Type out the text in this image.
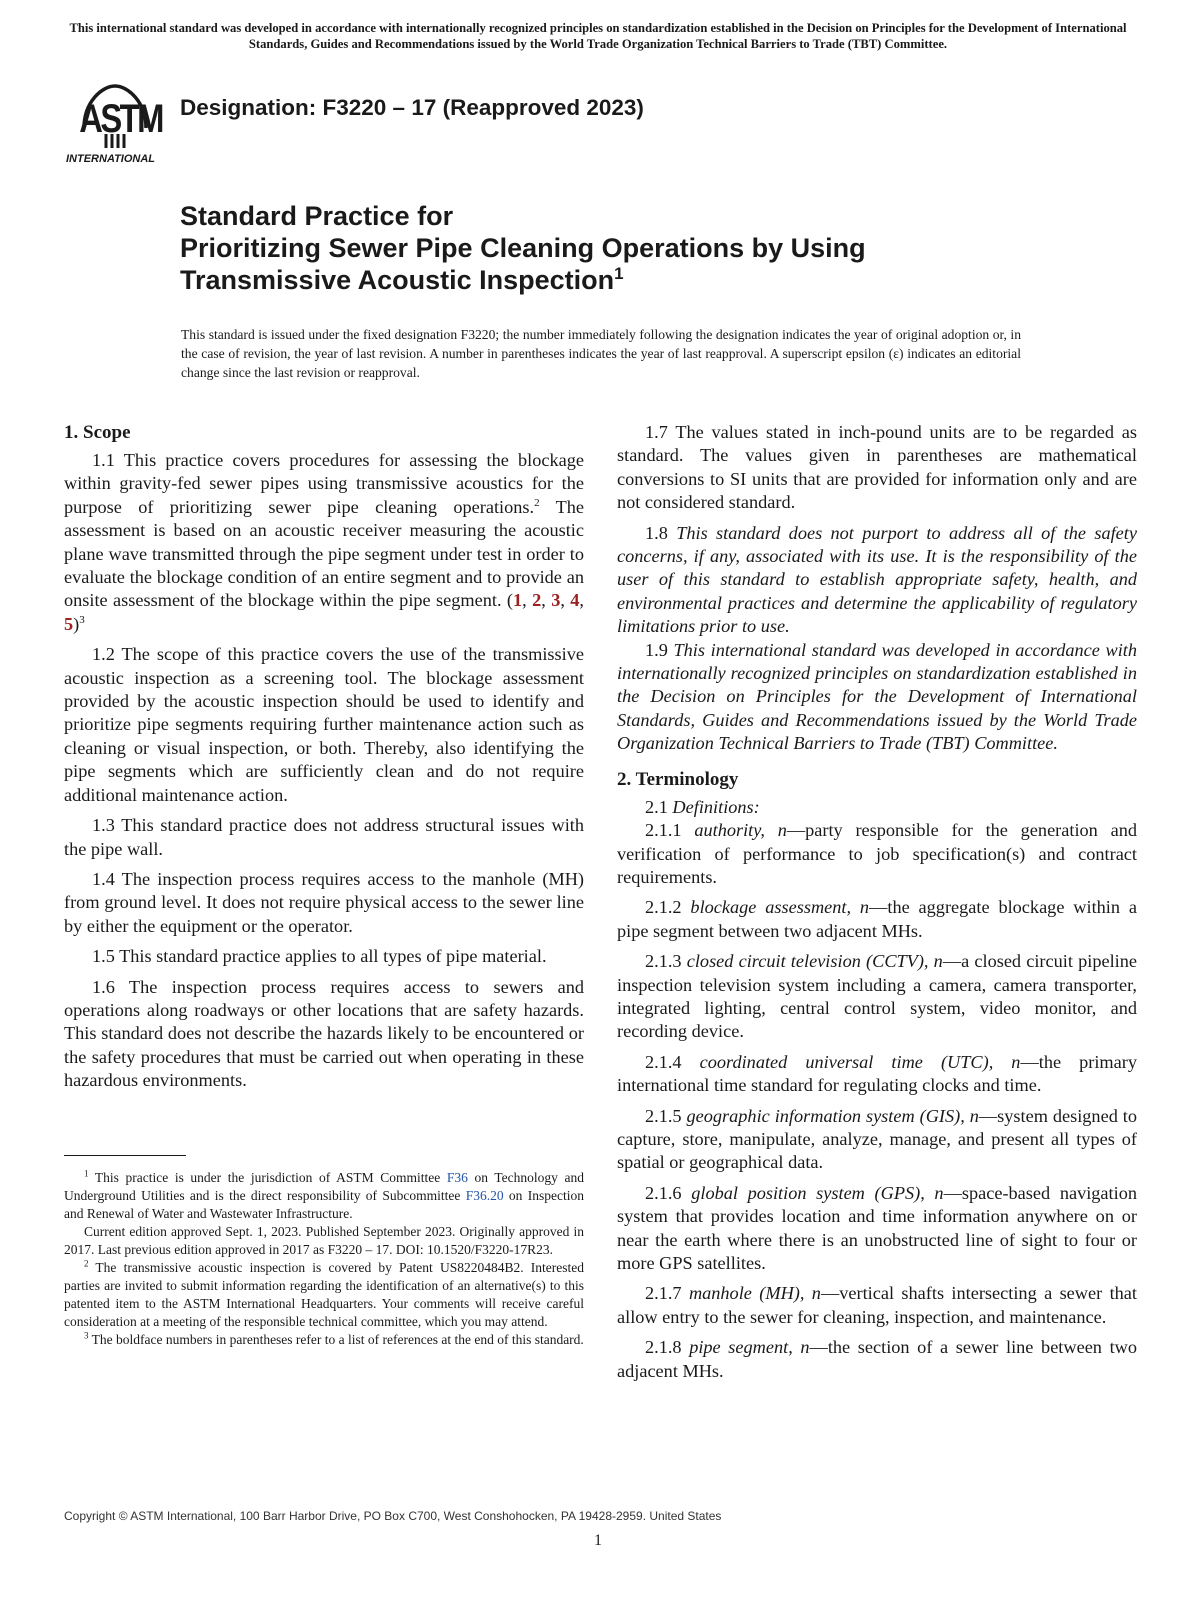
This international standard was developed in accordance with internationally recognized principles on standardization established in the Decision on Principles for the Development of International Standards, Guides and Recommendations issued by the World Trade Organization Technical Barriers to Trade (TBT) Committee.
ASTM
INTERNATIONAL
Designation: F3220 – 17 (Reapproved 2023)
Standard Practice for
Prioritizing Sewer Pipe Cleaning Operations by Using
Transmissive Acoustic Inspection$^1$
This standard is issued under the fixed designation F3220; the number immediately following the designation indicates the year of original adoption or, in the case of revision, the year of last revision. A number in parentheses indicates the year of last reapproval. A superscript epsilon (ε) indicates an editorial change since the last revision or reapproval.
1. Scope

1.1 This practice covers procedures for assessing the blockage within gravity-fed sewer pipes using transmissive acoustics for the purpose of prioritizing sewer pipe cleaning operations.$^2$ The assessment is based on an acoustic receiver measuring the acoustic plane wave transmitted through the pipe segment under test in order to evaluate the blockage condition of an entire segment and to provide an onsite assessment of the blockage within the pipe segment. (1, 2, 3, 4, 5)$^3$

1.2 The scope of this practice covers the use of the transmissive acoustic inspection as a screening tool. The blockage assessment provided by the acoustic inspection should be used to identify and prioritize pipe segments requiring further maintenance action such as cleaning or visual inspection, or both. Thereby, also identifying the pipe segments which are sufficiently clean and do not require additional maintenance action.

1.3 This standard practice does not address structural issues with the pipe wall.

1.4 The inspection process requires access to the manhole (MH) from ground level. It does not require physical access to the sewer line by either the equipment or the operator.

1.5 This standard practice applies to all types of pipe material.

1.6 The inspection process requires access to sewers and operations along roadways or other locations that are safety hazards. This standard does not describe the hazards likely to be encountered or the safety procedures that must be carried out when operating in these hazardous environments.

$^1$ This practice is under the jurisdiction of ASTM Committee F36 on Technology and Underground Utilities and is the direct responsibility of Subcommittee F36.20 on Inspection and Renewal of Water and Wastewater Infrastructure.

Current edition approved Sept. 1, 2023. Published September 2023. Originally approved in 2017. Last previous edition approved in 2017 as F3220 – 17. DOI: 10.1520/F3220-17R23.

$^2$ The transmissive acoustic inspection is covered by Patent US8220484B2. Interested parties are invited to submit information regarding the identification of an alternative(s) to this patented item to the ASTM International Headquarters. Your comments will receive careful consideration at a meeting of the responsible technical committee, which you may attend.

$^3$ The boldface numbers in parentheses refer to a list of references at the end of this standard.

1.7 The values stated in inch-pound units are to be regarded as standard. The values given in parentheses are mathematical conversions to SI units that are provided for information only and are not considered standard.

1.8 This standard does not purport to address all of the safety concerns, if any, associated with its use. It is the responsibility of the user of this standard to establish appropriate safety, health, and environmental practices and determine the applicability of regulatory limitations prior to use.

1.9 This international standard was developed in accordance with internationally recognized principles on standardization established in the Decision on Principles for the Development of International Standards, Guides and Recommendations issued by the World Trade Organization Technical Barriers to Trade (TBT) Committee.

2. Terminology

2.1 Definitions:

2.1.1 authority, n—party responsible for the generation and verification of performance to job specification(s) and contract requirements.

2.1.2 blockage assessment, n—the aggregate blockage within a pipe segment between two adjacent MHs.

2.1.3 closed circuit television (CCTV), n—a closed circuit pipeline inspection television system including a camera, camera transporter, integrated lighting, central control system, video monitor, and recording device.

2.1.4 coordinated universal time (UTC), n—the primary international time standard for regulating clocks and time.

2.1.5 geographic information system (GIS), n—system designed to capture, store, manipulate, analyze, manage, and present all types of spatial or geographical data.

2.1.6 global position system (GPS), n—space-based navigation system that provides location and time information anywhere on or near the earth where there is an unobstructed line of sight to four or more GPS satellites.

2.1.7 manhole (MH), n—vertical shafts intersecting a sewer that allow entry to the sewer for cleaning, inspection, and maintenance.

2.1.8 pipe segment, n—the section of a sewer line between two adjacent MHs.

Copyright © ASTM International, 100 Barr Harbor Drive, PO Box C700, West Conshohocken, PA 19428-2959. United States
1
